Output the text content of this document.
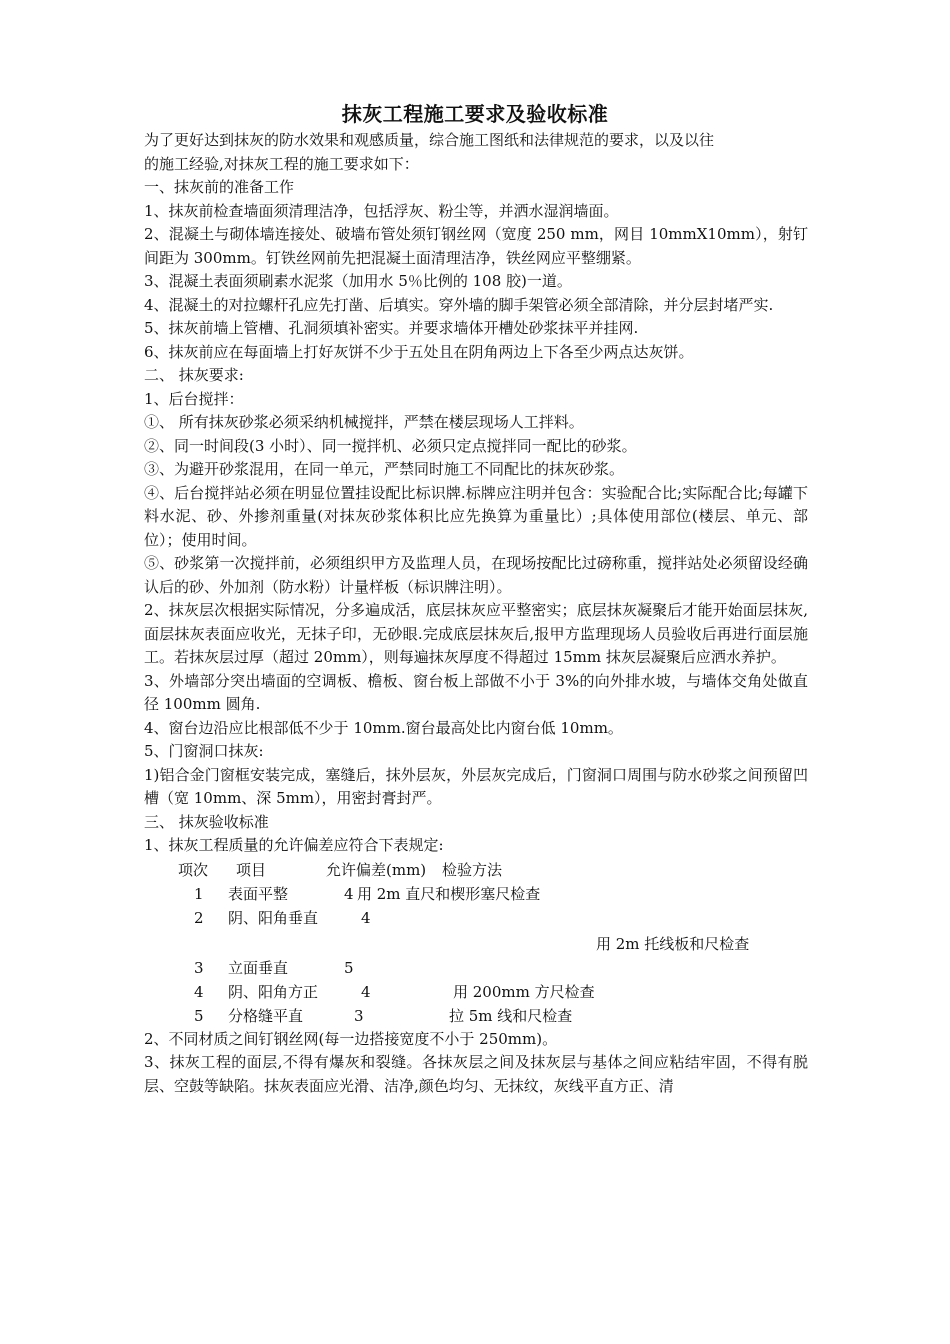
抹灰工程施工要求及验收标准

为了更好达到抹灰的防水效果和观感质量，综合施工图纸和法律规范的要求，以及以往

的施工经验,对抹灰工程的施工要求如下：

一、抹灰前的准备工作

1、抹灰前检查墙面须清理洁净，包括浮灰、粉尘等，并洒水湿润墙面。

2、混凝土与砌体墙连接处、破墙布管处须钉钢丝网（宽度 250 mm，网目 10mmX10mm），射钉间距为 300mm。钉铁丝网前先把混凝土面清理洁净，铁丝网应平整绷紧。

3、混凝土表面须刷素水泥浆（加用水 5％比例的 108 胶)一道。

4、混凝土的对拉螺杆孔应先打凿、后填实。穿外墙的脚手架管必须全部清除，并分层封堵严实.

5、抹灰前墙上管槽、孔洞须填补密实。并要求墙体开槽处砂浆抹平并挂网.

6、抹灰前应在每面墙上打好灰饼不少于五处且在阴角两边上下各至少两点达灰饼。

二、 抹灰要求:

1、后台搅拌：

①、 所有抹灰砂浆必须采纳机械搅拌，严禁在楼层现场人工拌料。

②、同一时间段(3 小时）、同一搅拌机、必须只定点搅拌同一配比的砂浆。

③、为避开砂浆混用，在同一单元，严禁同时施工不同配比的抹灰砂浆。

④、后台搅拌站必须在明显位置挂设配比标识牌.标牌应注明并包含：实验配合比;实际配合比;每罐下料水泥、砂、外掺剂重量(对抹灰砂浆体积比应先换算为重量比）;具体使用部位(楼层、单元、部位）；使用时间。

⑤、砂浆第一次搅拌前，必须组织甲方及监理人员，在现场按配比过磅称重，搅拌站处必须留设经确认后的砂、外加剂（防水粉）计量样板（标识牌注明）。

2、抹灰层次根据实际情况，分多遍成活，底层抹灰应平整密实；底层抹灰凝聚后才能开始面层抹灰,面层抹灰表面应收光，无抹子印，无砂眼.完成底层抹灰后,报甲方监理现场人员验收后再进行面层施工。若抹灰层过厚（超过 20mm），则每遍抹灰厚度不得超过 15mm 抹灰层凝聚后应洒水养护。

3、外墙部分突出墙面的空调板、檐板、窗台板上部做不小于 3%的向外排水坡，与墙体交角处做直径 100mm 圆角.

4、窗台边沿应比根部低不少于 10mm.窗台最高处比内窗台低 10mm。

5、门窗洞口抹灰:

1)铝合金门窗框安装完成，塞缝后，抹外层灰，外层灰完成后，门窗洞口周围与防水砂浆之间预留凹槽（宽 10mm、深 5mm），用密封膏封严。

三、 抹灰验收标准

1、抹灰工程质量的允许偏差应符合下表规定:

项次 项目	允许偏差(mm) 检验方法
1 表面平整	4 用 2m 直尺和楔形塞尺检查
2 阴、阳角垂直	4
用 2m 托线板和尺检查
3 立面垂直	5
4 阴、阳角方正	4	用 200mm 方尺检查
5 分格缝平直	3	拉 5m 线和尺检查

2、不同材质之间钉钢丝网(每一边搭接宽度不小于 250mm)。

3、抹灰工程的面层,不得有爆灰和裂缝。各抹灰层之间及抹灰层与基体之间应粘结牢固，不得有脱层、空鼓等缺陷。抹灰表面应光滑、洁净,颜色均匀、无抹纹，灰线平直方正、清
